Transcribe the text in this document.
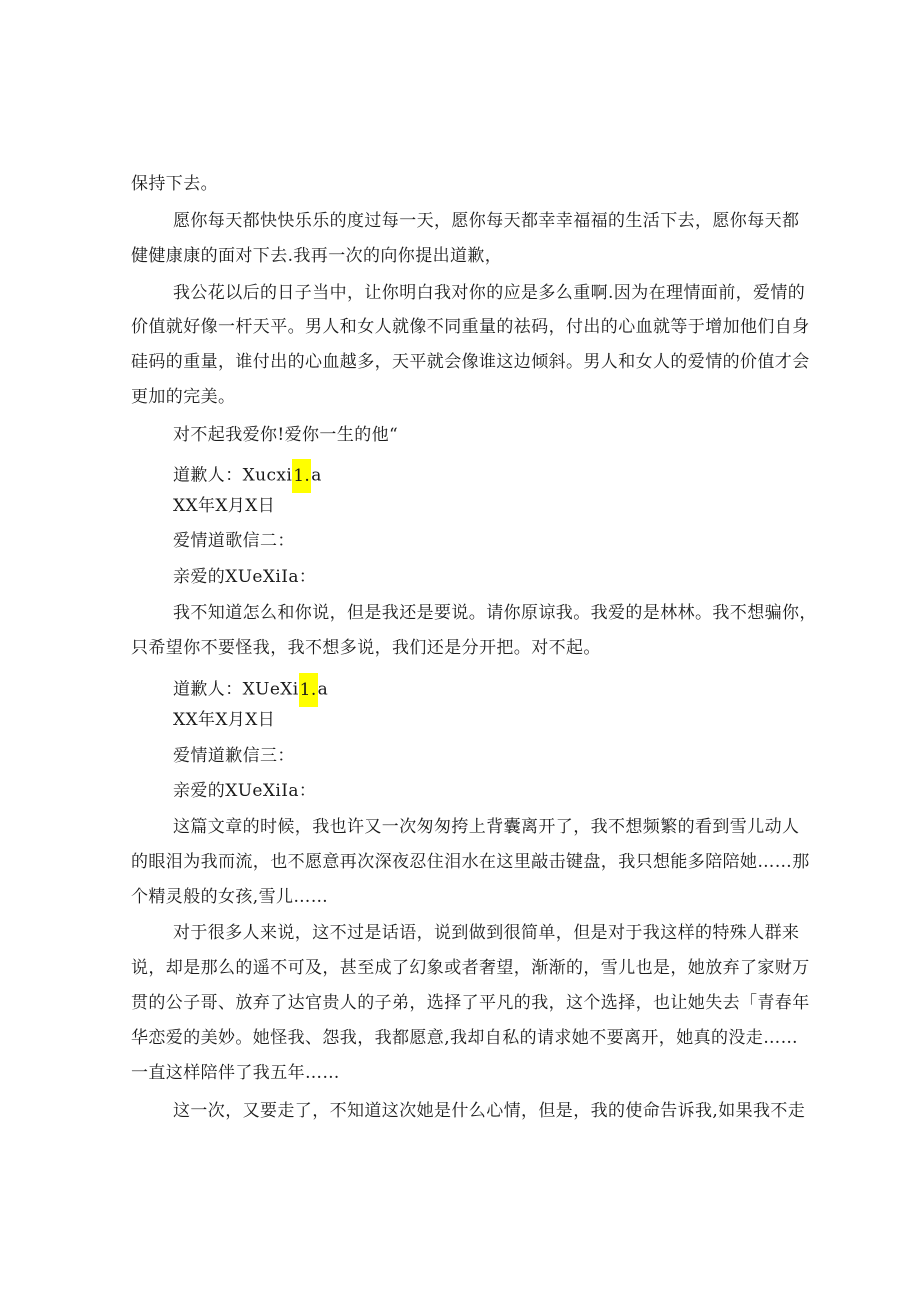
保持下去。
愿你每天都快快乐乐的度过每一天，愿你每天都幸幸福福的生活下去，愿你每天都
健健康康的面对下去.我再一次的向你提出道歉，
我公花以后的日子当中，让你明白我对你的应是多么重啊.因为在理情面前，爱情的
价值就好像一杆天平。男人和女人就像不同重量的祛码，付出的心血就等于增加他们自身
硅码的重量，谁付出的心血越多，天平就会像谁这边倾斜。男人和女人的爱情的价值才会
更加的完美。
对不起我爱你!爱你一生的他“
道歉人：Xucxi1.a
XX年X月X日
爱情道歌信二：
亲爱的XUeXiIa：
我不知道怎么和你说，但是我还是要说。请你原谅我。我爱的是林林。我不想骗你，
只希望你不要怪我，我不想多说，我们还是分开把。对不起。
道歉人：XUeXi1.a
XX年X月X日
爱情道歉信三：
亲爱的XUeXiIa：
这篇文章的时候，我也许又一次匆匆挎上背囊离开了，我不想频繁的看到雪儿动人
的眼泪为我而流，也不愿意再次深夜忍住泪水在这里敲击键盘，我只想能多陪陪她……那
个精灵般的女孩,雪儿……
对于很多人来说，这不过是话语，说到做到很简单，但是对于我这样的特殊人群来
说，却是那么的遥不可及，甚至成了幻象或者奢望，渐渐的，雪儿也是，她放弃了家财万
贯的公子哥、放弃了达官贵人的子弟，选择了平凡的我，这个选择，也让她失去「青春年
华恋爱的美妙。她怪我、怨我，我都愿意,我却自私的请求她不要离开，她真的没走……
一直这样陪伴了我五年……
这一次，又要走了，不知道这次她是什么心情，但是，我的使命告诉我,如果我不走
